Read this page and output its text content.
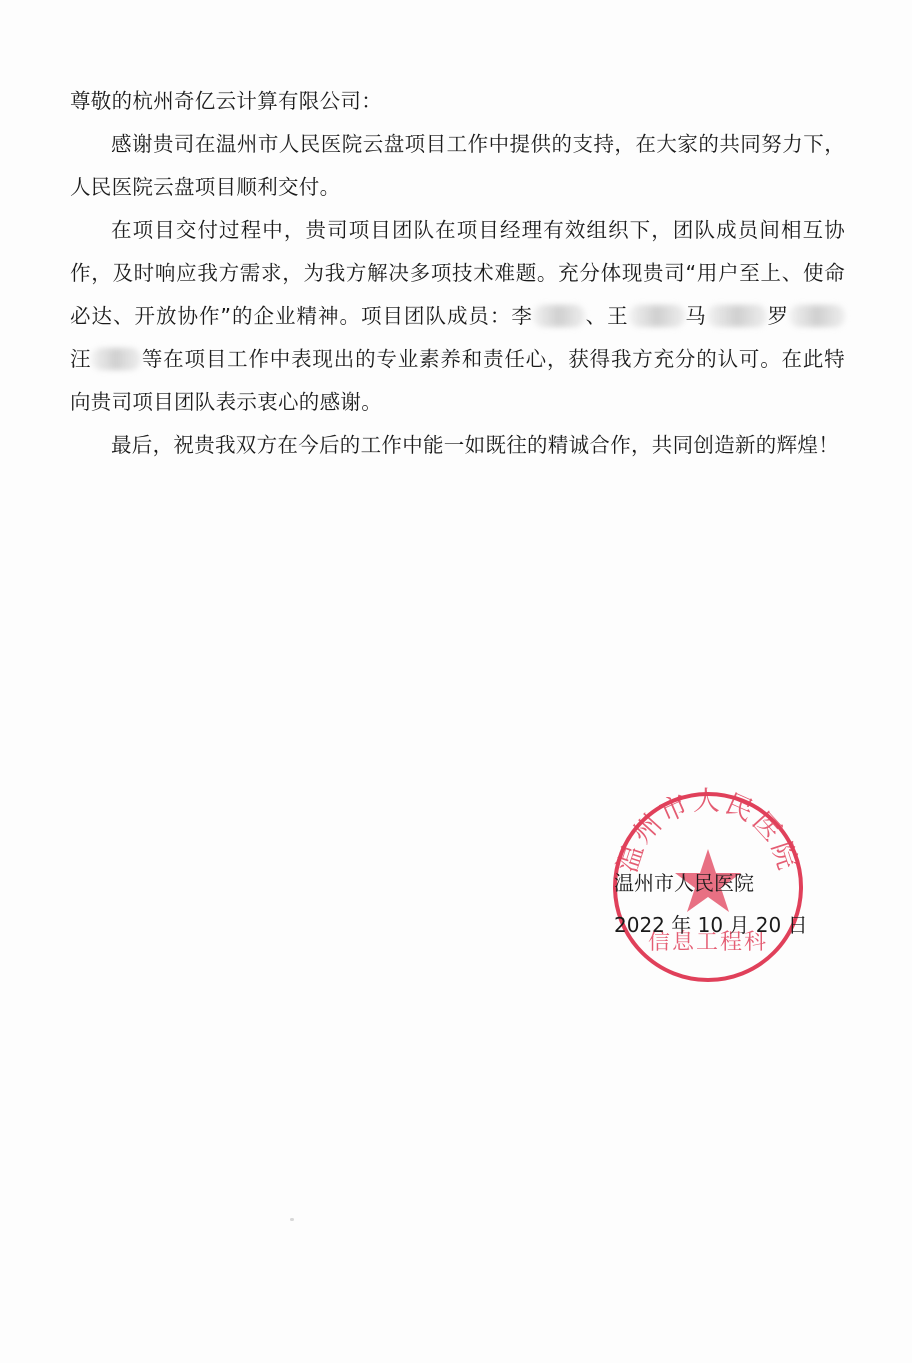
尊敬的杭州奇亿云计算有限公司：

感谢贵司在温州市人民医院云盘项目工作中提供的支持，在大家的共同努力下，人民医院云盘项目顺利交付。

在项目交付过程中，贵司项目团队在项目经理有效组织下，团队成员间相互协作，及时响应我方需求，为我方解决多项技术难题。充分体现贵司“用户至上、使命必达、开放协作”的企业精神。项目团队成员：李	、王	马	罗汪 等在项目工作中表现出的专业素养和责任心，获得我方充分的认可。在此特向贵司项目团队表示衷心的感谢。

最后，祝贵我双方在今后的工作中能一如既往的精诚合作，共同创造新的辉煌！

温州市人民医院
信息工程科
温州市人民医院
2022 年 10 月 20 日
